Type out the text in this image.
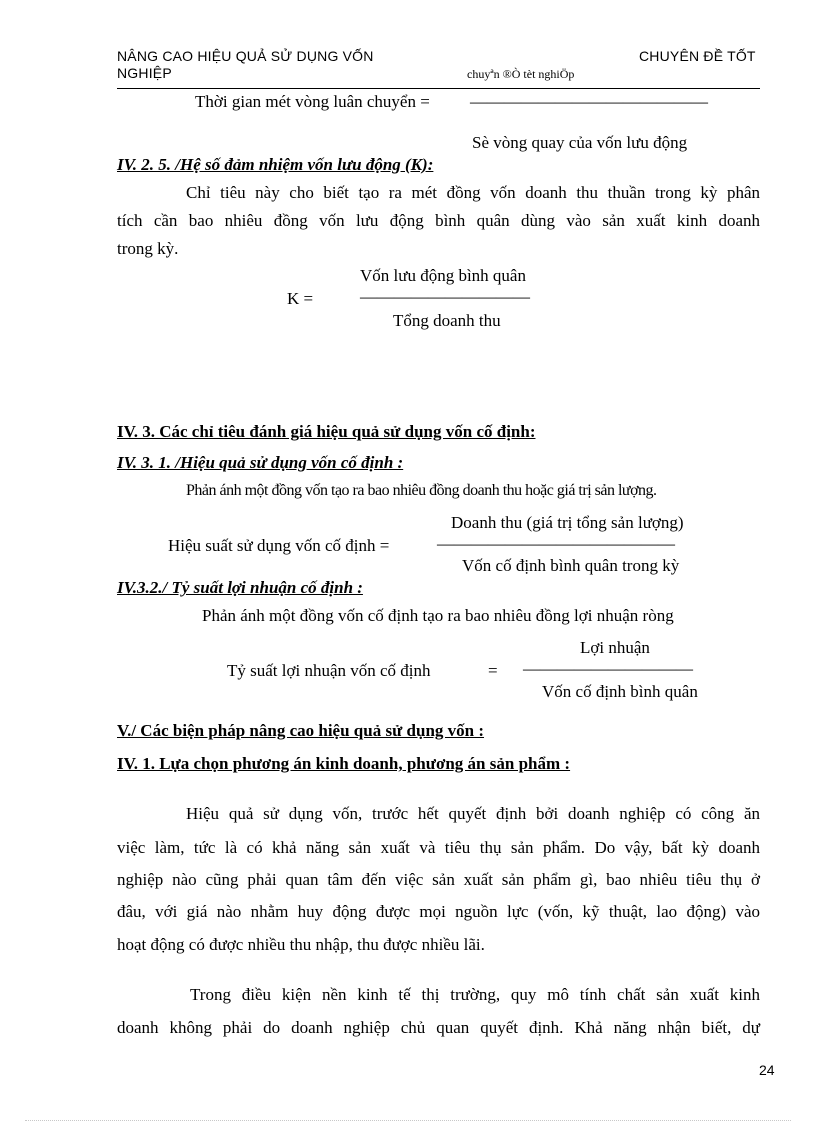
NÂNG CAO HIỆU QUẢ SỬ DỤNG VỐN
NGHIỆP
CHUYÊN ĐỀ TỐT
chuyªn ®Ò tèt nghiÖp
Thời gian mét vòng luân chuyển = ——————————————
Sè vòng quay của vốn lưu động
IV. 2. 5. /Hệ số đảm nhiệm vốn lưu động (K):
Chỉ tiêu này cho biết tạo ra mét đồng vốn doanh thu thuần trong kỳ phân
tích cần bao nhiêu đồng vốn lưu động bình quân dùng vào sản xuất kinh doanh
trong kỳ.
Vốn lưu động bình quân
K =	——————————
Tổng doanh thu
IV. 3. Các chỉ tiêu đánh giá hiệu quả sử dụng vốn cố định:
IV. 3. 1. /Hiệu quả sử dụng vốn cố định :
Phản ánh một đồng vốn tạo ra bao nhiêu đồng doanh thu hoặc giá trị sản lượng.
Doanh thu (giá trị tổng sản lượng)
Hiệu suất sử dụng vốn cố định =	——————————————
Vốn cố định bình quân trong kỳ
IV.3.2./ Tỷ suất lợi nhuận cố định :
Phản ánh một đồng vốn cố định tạo ra bao nhiêu đồng lợi nhuận ròng
Lợi nhuận
Tỷ suất lợi nhuận vốn cố định	= ——————————
Vốn cố định bình quân
V./ Các biện pháp nâng cao hiệu quả sử dụng vốn :
IV. 1. Lựa chọn phương án kinh doanh, phương án sản phẩm :
Hiệu quả sử dụng vốn, trước hết quyết định bởi doanh nghiệp có công ăn
việc làm, tức là có khả năng sản xuất và tiêu thụ sản phẩm. Do vậy, bất kỳ doanh
nghiệp nào cũng phải quan tâm đến việc sản xuất sản phẩm gì, bao nhiêu tiêu thụ ở
đâu, với giá nào nhằm huy động được mọi nguồn lực (vốn, kỹ thuật, lao động) vào
hoạt động có được nhiều thu nhập, thu được nhiều lãi.
Trong điều kiện nền kinh tế thị trường, quy mô tính chất sản xuất kinh
doanh không phải do doanh nghiệp chủ quan quyết định. Khả năng nhận biết, dự
24
